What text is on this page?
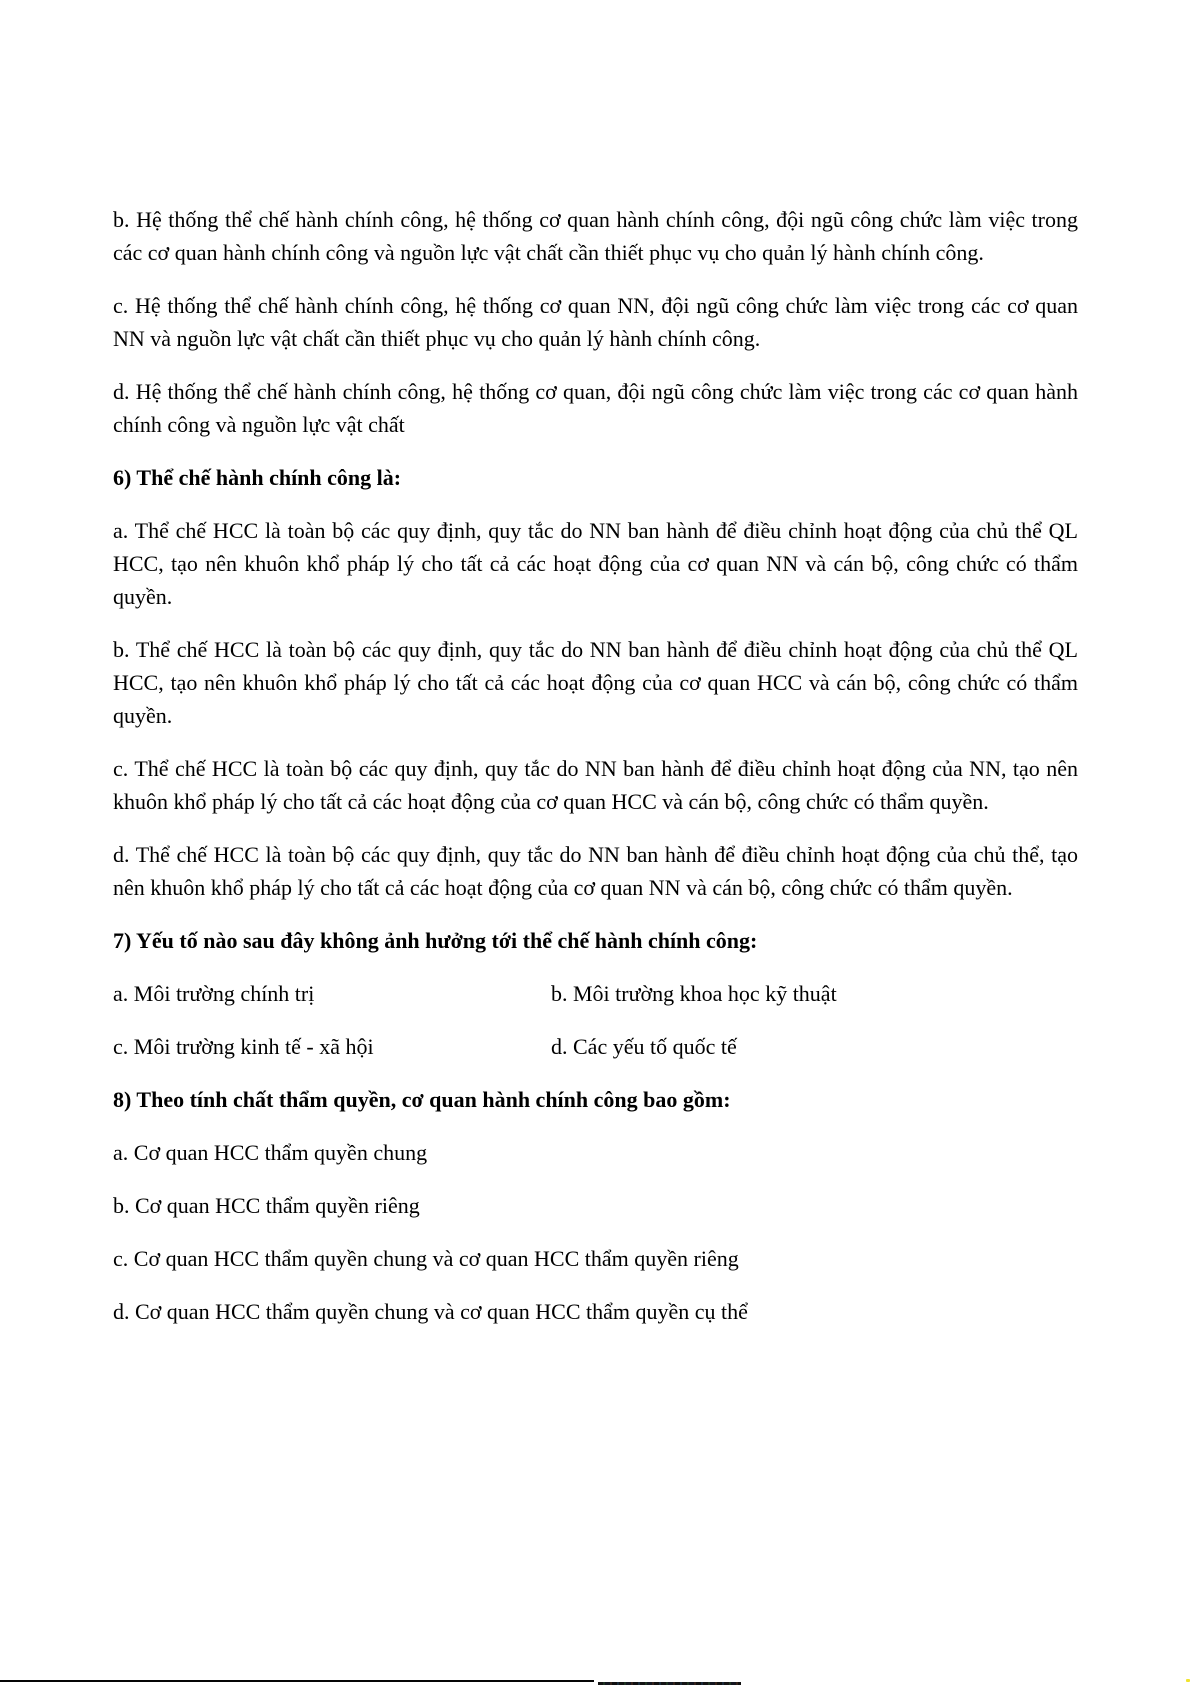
b. Hệ thống thể chế hành chính công, hệ thống cơ quan hành chính công, đội ngũ công chức làm việc trong các cơ quan hành chính công và nguồn lực vật chất cần thiết phục vụ cho quản lý hành chính công.

c. Hệ thống thể chế hành chính công, hệ thống cơ quan NN, đội ngũ công chức làm việc trong các cơ quan NN và nguồn lực vật chất cần thiết phục vụ cho quản lý hành chính công.

d. Hệ thống thể chế hành chính công, hệ thống cơ quan, đội ngũ công chức làm việc trong các cơ quan hành chính công và nguồn lực vật chất

6) Thể chế hành chính công là:

a. Thể chế HCC là toàn bộ các quy định, quy tắc do NN ban hành để điều chỉnh hoạt động của chủ thể QL HCC, tạo nên khuôn khổ pháp lý cho tất cả các hoạt động của cơ quan NN và cán bộ, công chức có thẩm quyền.

b. Thể chế HCC là toàn bộ các quy định, quy tắc do NN ban hành để điều chỉnh hoạt động của chủ thể QL HCC, tạo nên khuôn khổ pháp lý cho tất cả các hoạt động của cơ quan HCC và cán bộ, công chức có thẩm quyền.

c. Thể chế HCC là toàn bộ các quy định, quy tắc do NN ban hành để điều chỉnh hoạt động của NN, tạo nên khuôn khổ pháp lý cho tất cả các hoạt động của cơ quan HCC và cán bộ, công chức có thẩm quyền.

d. Thể chế HCC là toàn bộ các quy định, quy tắc do NN ban hành để điều chỉnh hoạt động của chủ thể, tạo nên khuôn khổ pháp lý cho tất cả các hoạt động của cơ quan NN và cán bộ, công chức có thẩm quyền.

7) Yếu tố nào sau đây không ảnh hưởng tới thể chế hành chính công:

a. Môi trường chính trị	b. Môi trường khoa học kỹ thuật
c. Môi trường kinh tế - xã hội	d. Các yếu tố quốc tế

8) Theo tính chất thẩm quyền, cơ quan hành chính công bao gồm:

a. Cơ quan HCC thẩm quyền chung

b. Cơ quan HCC thẩm quyền riêng

c. Cơ quan HCC thẩm quyền chung và cơ quan HCC thẩm quyền riêng

d. Cơ quan HCC thẩm quyền chung và cơ quan HCC thẩm quyền cụ thể
